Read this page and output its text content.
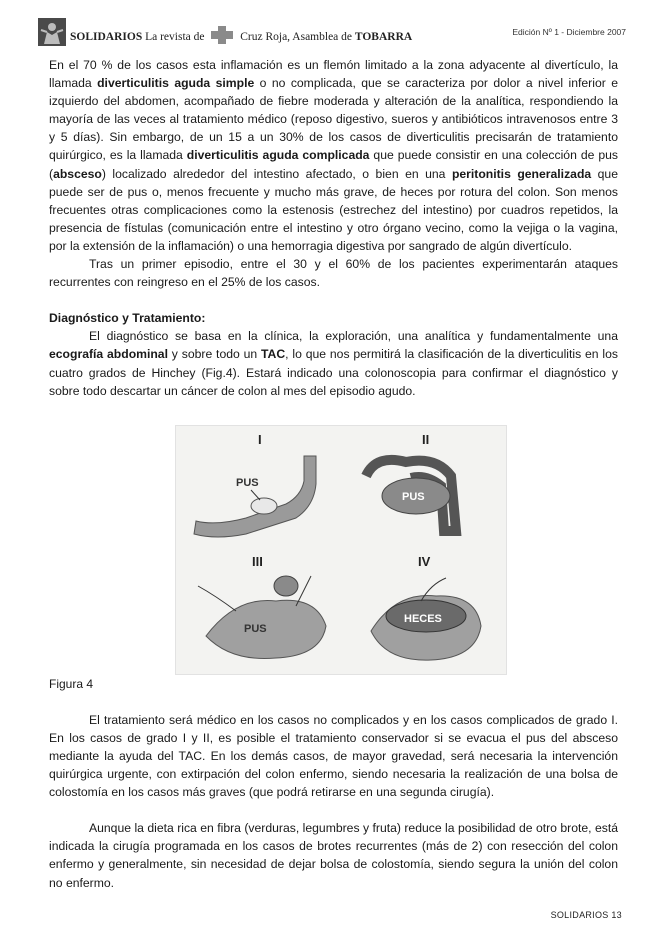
SOLIDARIOS La revista de	Cruz Roja, Asamblea de TOBARRA	Edición Nº 1 - Diciembre 2007

En el 70 % de los casos esta inflamación es un flemón limitado a la zona adyacente al divertículo, la llamada diverticulitis aguda simple o no complicada, que se caracteriza por dolor a nivel inferior e izquierdo del abdomen, acompañado de fiebre moderada y alteración de la analítica, respondiendo la mayoría de las veces al tratamiento médico (reposo digestivo, sueros y antibióticos intravenosos entre 3 y 5 días). Sin embargo, de un 15 a un 30% de los casos de diverticulitis precisarán de tratamiento quirúrgico, es la llamada diverticulitis aguda complicada que puede consistir en una colección de pus (absceso) localizado alrededor del intestino afectado, o bien en una peritonitis generalizada que puede ser de pus o, menos frecuente y mucho más grave, de heces por rotura del colon. Son menos frecuentes otras complicaciones como la estenosis (estrechez del intestino) por cuadros repetidos, la presencia de fístulas (comunicación entre el intestino y otro órgano vecino, como la vejiga o la vagina, por la extensión de la inflamación) o una hemorragia digestiva por sangrado de algún divertículo.

Tras un primer episodio, entre el 30 y el 60% de los pacientes experimentarán ataques recurrentes con reingreso en el 25% de los casos.

Diagnóstico y Tratamiento:

El diagnóstico se basa en la clínica, la exploración, una analítica y fundamentalmente una ecografía abdominal y sobre todo un TAC, lo que nos permitirá la clasificación de la diverticulitis en los cuatro grados de Hinchey (Fig.4). Estará indicado una colonoscopia para confirmar el diagnóstico y sobre todo descartar un cáncer de colon al mes del episodio agudo.

I
PUS
II
PUS
III
PUS
IV
HECES

Figura 4

El tratamiento será médico en los casos no complicados y en los casos complicados de grado I. En los casos de grado I y II, es posible el tratamiento conservador si se evacua el pus del absceso mediante la ayuda del TAC. En los demás casos, de mayor gravedad, será necesaria la intervención quirúrgica urgente, con extirpación del colon enfermo, siendo necesaria la realización de una bolsa de colostomía en los casos más graves (que podrá retirarse en una segunda cirugía).

Aunque la dieta rica en fibra (verduras, legumbres y fruta) reduce la posibilidad de otro brote, está indicada la cirugía programada en los casos de brotes recurrentes (más de 2) con resección del colon enfermo y generalmente, sin necesidad de dejar bolsa de colostomía, siendo segura la unión del colon no enfermo.

SOLIDARIOS 13
